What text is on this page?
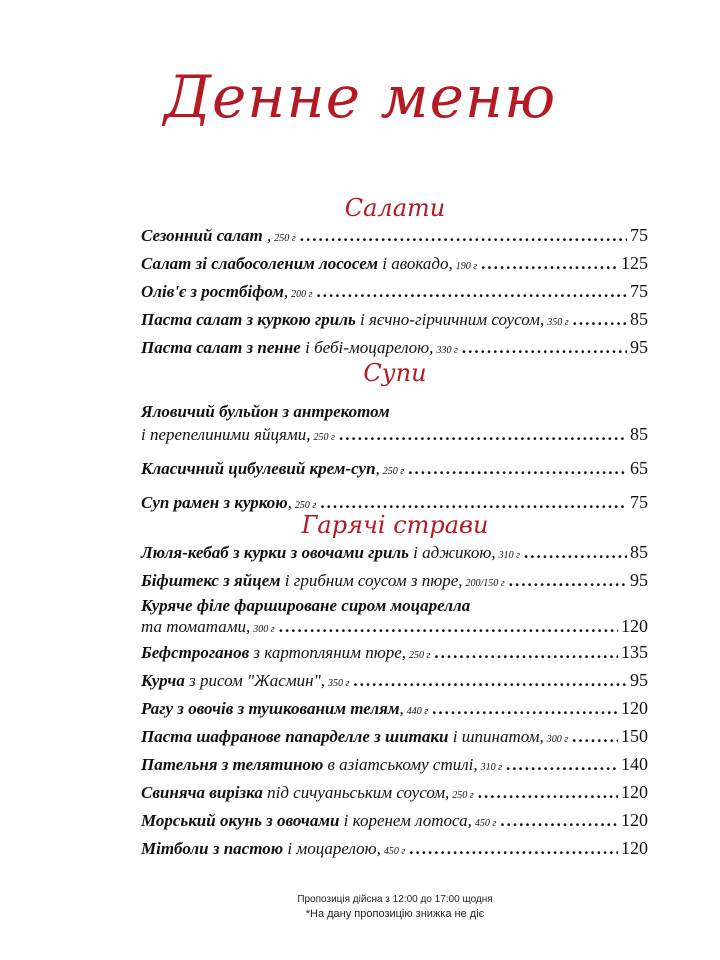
Денне меню
Салати
Сезонний салат , 250 г .....	75
Салат зі слабосоленим лососем і авокадо, 190 г .....	125
Олів'є з ростбіфом, 200 г .....	75
Паста салат з куркою гриль і яєчно-гірчичним соусом, 350 г .....	85
Паста салат з пенне і бебі-моцарелою, 330 г .....	95
Супи
Яловичий бульйон з антрекотом
і перепелиними яйцями, 250 г .....	85
Класичний цибулевий крем-суп, 250 г .....	65
Суп рамен з куркою, 250 г .....	75
Гарячі страви
Люля-кебаб з курки з овочами гриль і аджикою, 310 г .....	85
Біфштекс з яйцем і грибним соусом з пюре, 200/150 г .....	95
Куряче філе фаршироване сиром моцарелла
та томатами, 300 г .....	120
Бефстроганов з картопляним пюре, 250 г .....	135
Курча з рисом "Жасмин", 350 г .....	95
Рагу з овочів з тушкованим телям, 440 г .....	120
Паста шафранове папарделле з шитаки і шпинатом, 300 г .....	150
Пательня з телятиною в азіатському стилі, 310 г .....	140
Свиняча вирізка під сичуаньським соусом, 250 г .....	120
Морський окунь з овочами і коренем лотоса, 450 г .....	120
Мітболи з пастою і моцарелою, 450 г .....	120
Пропозиція дійсна з 12:00 до 17:00 щодня
*На дану пропозицію знижка не діє
